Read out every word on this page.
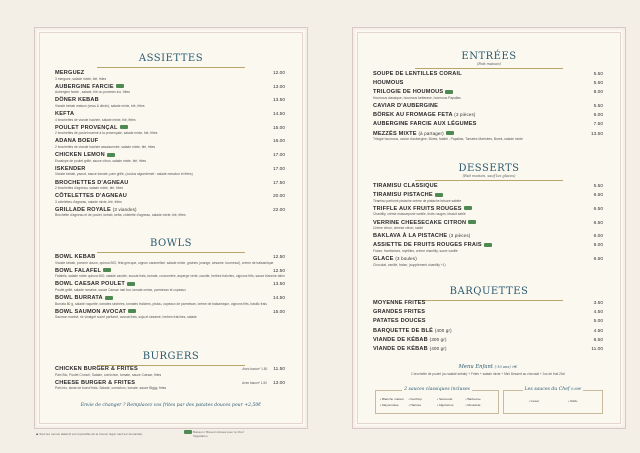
ASSIETTES

MERGUEZ	12.00
3 merguez, salade mixte, blé, frites
AUBERGINE FARCIE	13.00
Aubergine farcie , salade, blé ou pommes lux, frites
DÖNER KEBAB	13.50
Viande kebab maison (veau & dinde), salade mixte, blé, frites
KEFTA	14.50
4 brochettes de viande hachée, salade mixte, blé, frites
POULET PROVENÇAL	15.00
2 brochettes de poulet mariné à la provençale, salade mixte, blé, frites
ADANA BOEUF	16.00
2 brochettes de viande hachée assaisonnée, salade mixte, blé, frites
CHICKEN LEMON	17.00
Escalope de poulet grillé, sauce citron, salade mixte, blé, frites
ISKENDER	17.00
Viande kebab, yaourt, sauce tomate, pain grillé, (coulus alguedemet : salade mesclun et frites)
BROCHETTES D'AGNEAU	17.50
2 brochettes d'agneau, salade mixte, blé, frites
CÔTELETTES D'AGNEAU	20.00
3 côtelettes d'agneau, salade mixte, blé, frites
GRILLADE ROYALE (3 viandes)	22.00
Brochette d'agneau et de poulet, kebab, kefta, côtelette d'agneau, salade mixte, blé, frites

BOWLS

BOWL KEBAB	12.50
Viande kebab, pomme douce, quinoa BIO, féta grecque, oignon caramélisé, salade mixte, graines (orange, sésame, tournesol), crème de balsamique
BOWL FALAFEL	12.50
Falafels, salade mixte quinoa BIO, salade carotte, avocat frais, tomate, concombre, asperge verte, carotte, herbes fraîches, oignons frits, sauce blanche tahin
BOWL CAESAR POULET	13.50
Poulet grillé, salade romaine, sauce Caesar maî bur, tomate cerise, parmesan et copeaux
BOWL BURRATA	14.50
Burrata 80 g, salade roquette, tomates séchées, tomates fraîches, pistou, copeaux de parmesan, crème de balsamique, oignons frits, basilic frais
BOWL SAUMON AVOCAT	15.00
Saumon mariné, riz vinaigré sucré parfumé, avocat frais, soja et sésame, herbes fraîches, salade

BURGERS

CHICKEN BURGER & FRITES	Avec bacon* 1.50 11.50
Pain Bio, Poulet Crunch, Salade, cornichon, tomate, sauce Caesar, frites
CHEESE BURGER & FRITES	Avec bacon* 1.50 13.00
Pain bio, steak de boeuf frais, Salade, cornichon, tomate, sauce Biggy, frites
Envie de changer ? Remplacez vos frites par des patates douces pour +2,50€
◆ Tous les menus Halal (Il est impossible de le trouver légal, sauf sur demande)

ENTRÉES

(Fait maison)

SOUPE DE LENTILLES CORAIL	5.50
HOUMOUS	5.50
TRILOGIE DE HOUMOUS	8.00
Houmous classique, houmous betterave, houmous Papallas
CAVIAR D'AUBERGINE	5.50
BÖREK AU FROMAGE FETA (3 pièces)	6.00
AUBERGINE FARCIE AUX LÉGUMES	7.50
MEZZÉS MIXTE (à partager)	13.50
Trilogie houmous, caviar d'aubergine, Börek, falafel , Papallas, Tomates Marinées, Borek, salade mixte

DESSERTS

(Fait maison, sauf les glaces)

TIRAMISU CLASSIQUE	5.50
TIRAMISU PISTACHE	6.50
Tiramisu parfumé pistache crème de pistache brisure sablée
TRIFFLE AUX FRUITS ROUGES	6.50
Chantilly, crème mascarpone vanille, fruits rouges, biscuit sablé
VERRINE CHEESECAKE CITRON	6.50
Crème citron, cheese citron, sablé
BAKLAVA À LA PISTACHE (3 pièces)	6.00
ASSIETTE DE FRUITS ROUGES FRAIS	8.00
Fraise, framboises, myrtilles, crème chantilly, sucre vanillé
GLACE (3 boules)	6.50
Chocolat, vanille, fraise, (supplément chantilly +1)

BARQUETTES

MOYENNE FRITES	3.50
GRANDES FRITES	4.50
PATATES DOUCES	5.00
BARQUETTE DE BLÉ (400 gr)	4.50
VIANDE DE KÉBAB (300 gr)	8.50
VIANDE DE KÉBAB (400 gr)	11.00
Menu Enfant (-10 ans) 9€
1 brochette de poulet (ou salade kebab) + Frites + salade mixte + Mini Dessert au chocolat + Jus de fruit 20cl
2 sauces classiques incluses
• Blanche maison	• Ketchup	• Samouraï	• Barbecue
• Mayonnaise	• Harissa	• Algérienne	• Moutarde
Les sauces du Chef 0.60€
• Cesar	• Rallu
Boisson / Brevet incluses pour le Chef
Végétarien
